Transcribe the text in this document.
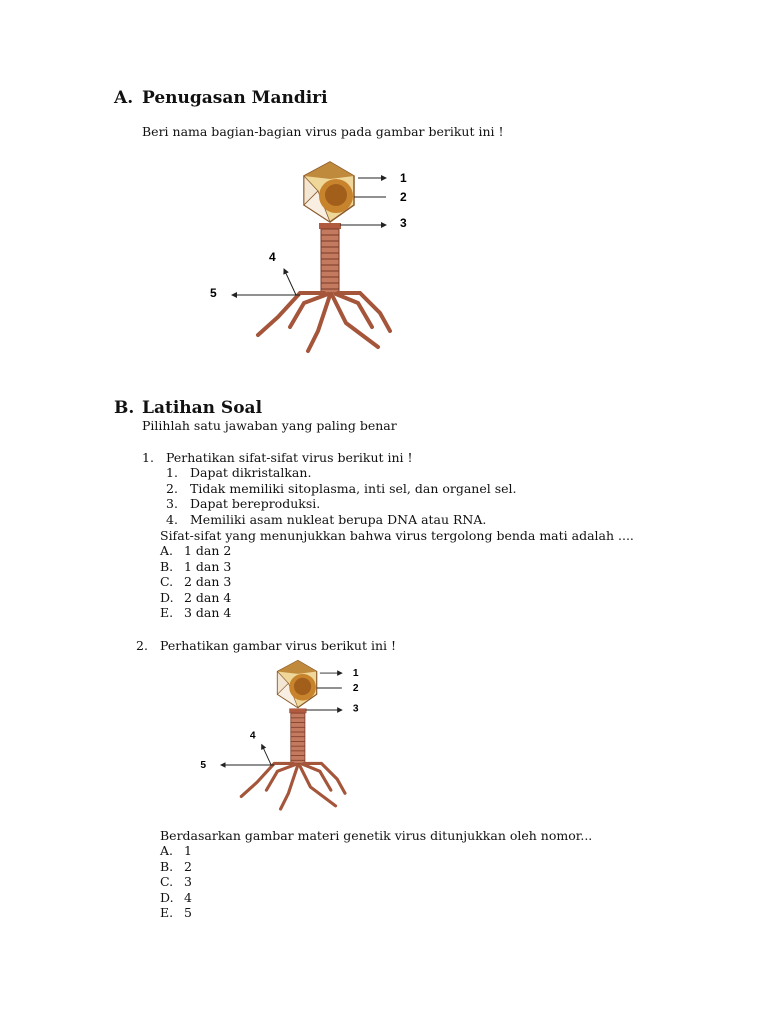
A. Penugasan Mandiri
Beri nama bagian-bagian virus pada gambar berikut ini !
1
2
3
4
5
B. Latihan Soal
Pilihlah satu jawaban yang paling benar
1. Perhatikan sifat-sifat virus berikut ini !
1. Dapat dikristalkan.
2. Tidak memiliki sitoplasma, inti sel, dan organel sel.
3. Dapat bereproduksi.
4. Memiliki asam nukleat berupa DNA atau RNA.
Sifat-sifat yang menunjukkan bahwa virus tergolong benda mati adalah ....
A. 1 dan 2
B. 1 dan 3
C. 2 dan 3
D. 2 dan 4
E. 3 dan 4
2. Perhatikan gambar virus berikut ini !
1
2
3
4
5
Berdasarkan gambar materi genetik virus ditunjukkan oleh nomor...
A. 1
B. 2
C. 3
D. 4
E. 5
